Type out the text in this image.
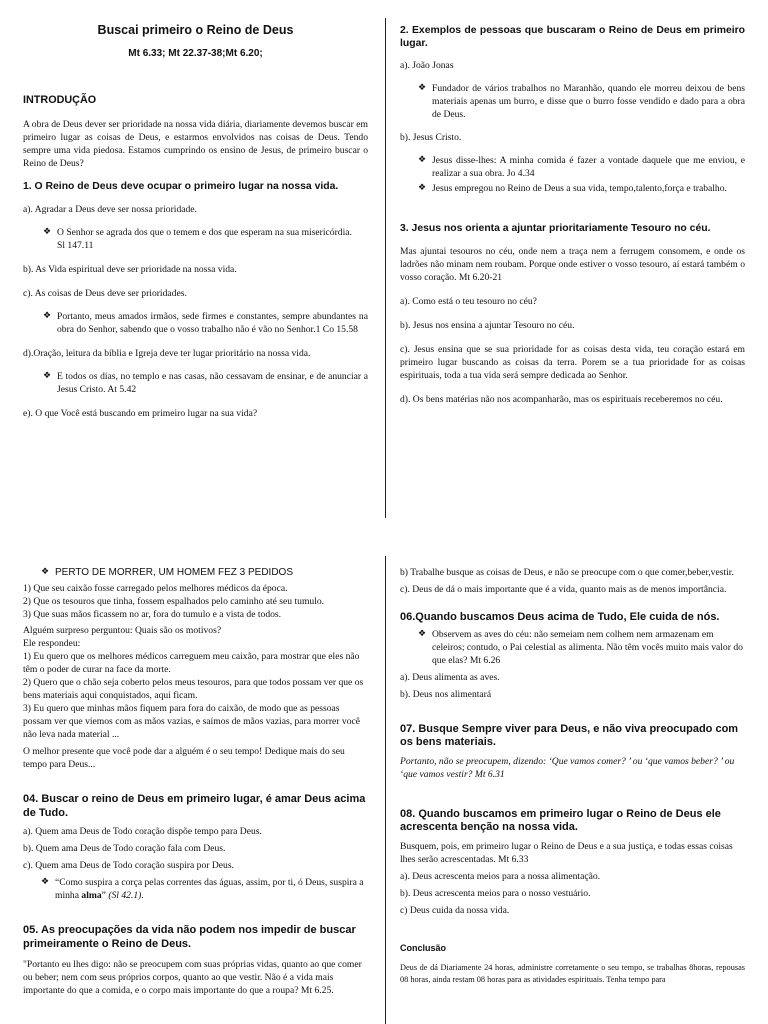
Buscai primeiro o Reino de Deus

Mt 6.33; Mt 22.37-38;Mt 6.20;

INTRODUÇÃO

A obra de Deus dever ser prioridade na nossa vida diária, diariamente devemos buscar em primeiro lugar as coisas de Deus, e estarmos envolvidos nas coisas de Deus. Tendo sempre uma vida piedosa. Estamos cumprindo os ensino de Jesus, de primeiro buscar o Reino de Deus?

1. O Reino de Deus deve ocupar o primeiro lugar na nossa vida.

a). Agradar a Deus deve ser nossa prioridade.

❖ O Senhor se agrada dos que o temem e dos que esperam na sua misericórdia.
Sl 147.11

b). As Vida espiritual deve ser prioridade na nossa vida.

c). As coisas de Deus deve ser prioridades.

❖ Portanto, meus amados irmãos, sede firmes e constantes, sempre abundantes na obra do Senhor, sabendo que o vosso trabalho não é vão no Senhor.1 Co 15.58

d).Oração, leitura da bíblia e Igreja deve ter lugar prioritário na nossa vida.

❖ E todos os dias, no templo e nas casas, não cessavam de ensinar, e de anunciar a Jesus Cristo. At 5.42

e). O que Você está buscando em primeiro lugar na sua vida?

2. Exemplos de pessoas que buscaram o Reino de Deus em primeiro lugar.

a). João Jonas

❖ Fundador de vários trabalhos no Maranhão, quando ele morreu deixou de bens materiais apenas um burro, e disse que o burro fosse vendido e dado para a obra de Deus.

b). Jesus Cristo.

❖ Jesus disse-lhes: A minha comida é fazer a vontade daquele que me enviou, e realizar a sua obra. Jo 4.34
❖ Jesus empregou no Reino de Deus a sua vida, tempo,talento,força e trabalho.

3. Jesus nos orienta a ajuntar prioritariamente Tesouro no céu.

Mas ajuntai tesouros no céu, onde nem a traça nem a ferrugem consomem, e onde os ladrões não minam nem roubam. Porque onde estiver o vosso tesouro, aí estará também o vosso coração. Mt 6.20-21

a). Como está o teu tesouro no céu?

b). Jesus nos ensina a ajuntar Tesouro no céu.

c). Jesus ensina que se sua prioridade for as coisas desta vida, teu coração estará em primeiro lugar buscando as coisas da terra. Porem se a tua prioridade for as coisas espirituais, toda a tua vida será sempre dedicada ao Senhor.

d). Os bens matérias não nos acompanharão, mas os espirituais receberemos no céu.

❖ PERTO DE MORRER, UM HOMEM FEZ 3 PEDIDOS

1) Que seu caixão fosse carregado pelos melhores médicos da época.

2) Que os tesouros que tinha, fossem espalhados pelo caminho até seu tumulo.

3) Que suas mãos ficassem no ar, fora do tumulo e a vista de todos.

Alguém surpreso perguntou: Quais são os motivos?

Ele respondeu:

1) Eu quero que os melhores médicos carreguem meu caixão, para mostrar que eles não têm o poder de curar na face da morte.

2) Quero que o chão seja coberto pelos meus tesouros, para que todos possam ver que os bens materiais aqui conquistados, aqui ficam.

3) Eu quero que minhas mãos fiquem para fora do caixão, de modo que as pessoas possam ver que viemos com as mãos vazias, e saímos de mãos vazias, para morrer você não leva nada material ...

O melhor presente que você pode dar a alguém é o seu tempo! Dedique mais do seu tempo para Deus...

04. Buscar o reino de Deus em primeiro lugar, é amar Deus acima de Tudo.

a). Quem ama Deus de Todo coração dispõe tempo para Deus.

b). Quem ama Deus de Todo coração fala com Deus.

c). Quem ama Deus de Todo coração suspira por Deus.

❖ “Como suspira a corça pelas correntes das águas, assim, por ti, ó Deus, suspira a minha alma” (Sl 42.1).

05. As preocupações da vida não podem nos impedir de buscar primeiramente o Reino de Deus.

"Portanto eu lhes digo: não se preocupem com suas próprias vidas, quanto ao que comer ou beber; nem com seus próprios corpos, quanto ao que vestir. Não é a vida mais importante do que a comida, e o corpo mais importante do que a roupa? Mt 6.25.

b) Trabalhe busque as coisas de Deus, e não se preocupe com o que comer,beber,vestir.

c). Deus de dá o mais importante que é a vida, quanto mais as de menos importância.

06.Quando buscamos Deus acima de Tudo, Ele cuida de nós.

❖ Observem as aves do céu: não semeiam nem colhem nem armazenam em celeiros; contudo, o Pai celestial as alimenta. Não têm vocês muito mais valor do que elas? Mt 6.26

a). Deus alimenta as aves.

b). Deus nos alimentará

07. Busque Sempre viver para Deus, e não viva preocupado com os bens materiais.

Portanto, não se preocupem, dizendo: ‘Que vamos comer? ’ ou ‘que vamos beber? ’ ou ‘que vamos vestir? Mt 6.31

08. Quando buscamos em primeiro lugar o Reino de Deus ele acrescenta benção na nossa vida.

Busquem, pois, em primeiro lugar o Reino de Deus e a sua justiça, e todas essas coisas lhes serão acrescentadas. Mt 6.33

a). Deus acrescenta meios para a nossa alimentação.

b). Deus acrescenta meios para o nosso vestuário.

c) Deus cuida da nossa vida.

Conclusão

Deus de dá Diariamente 24 horas, administre corretamente o seu tempo, se trabalhas 8horas, repousas 08 horas, ainda restam 08 horas para as atividades espirituais. Tenha tempo para
